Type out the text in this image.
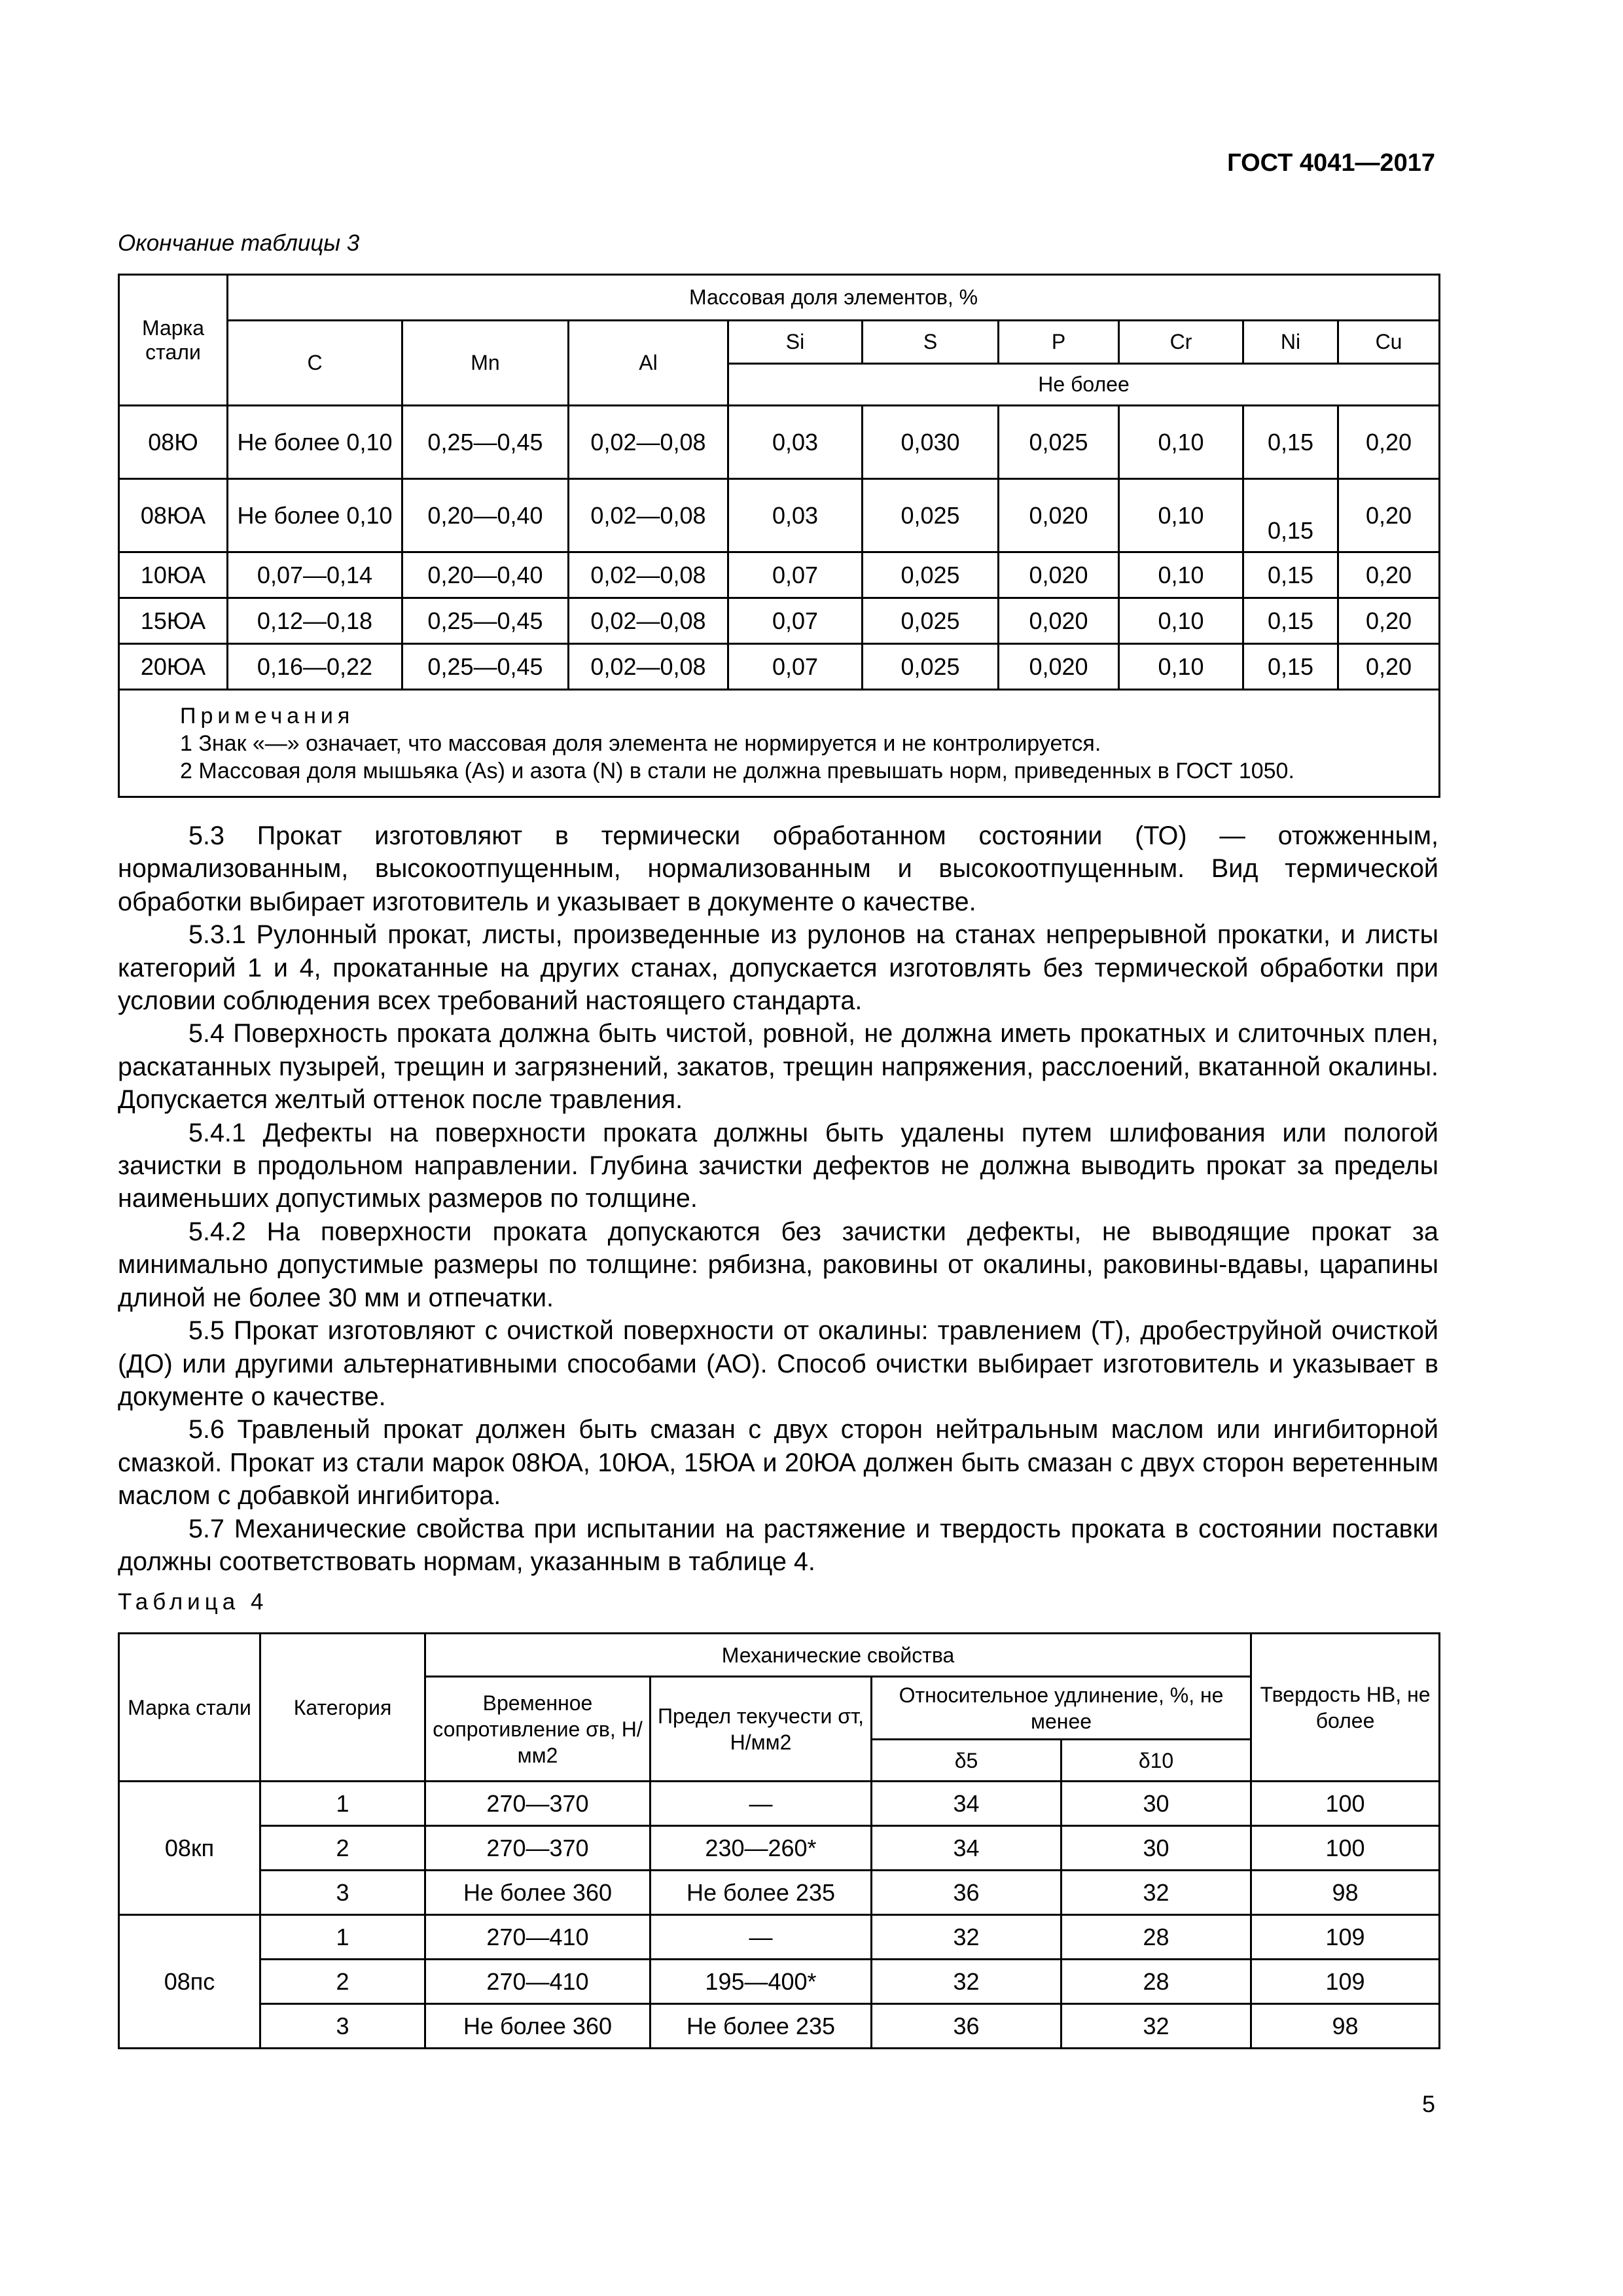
ГОСТ 4041—2017
Окончание таблицы 3
Марка стали	Массовая доля элементов, %								
	C	Mn	Al	Si	S	P	Cr	Ni	Cu
				Не более					
08Ю	Не более 0,10	0,25—0,45	0,02—0,08	0,03	0,030	0,025	0,10	0,15	0,20
08ЮА	Не более 0,10	0,20—0,40	0,02—0,08	0,03	0,025	0,020	0,10	0,15	0,20
10ЮА	0,07—0,14	0,20—0,40	0,02—0,08	0,07	0,025	0,020	0,10	0,15	0,20
15ЮА	0,12—0,18	0,25—0,45	0,02—0,08	0,07	0,025	0,020	0,10	0,15	0,20
20ЮА	0,16—0,22	0,25—0,45	0,02—0,08	0,07	0,025	0,020	0,10	0,15	0,20

Примечания
1 Знак «—» означает, что массовая доля элемента не нормируется и не контролируется.
2 Массовая доля мышьяка (As) и азота (N) в стали не должна превышать норм, приведенных в ГОСТ 1050.									

5.3 Прокат изготовляют в термически обработанном состоянии (ТО) — отожженным, нормализованным, высокоотпущенным, нормализованным и высокоотпущенным. Вид термической обработки выбирает изготовитель и указывает в документе о качестве.

5.3.1 Рулонный прокат, листы, произведенные из рулонов на станах непрерывной прокатки, и листы категорий 1 и 4, прокатанные на других станах, допускается изготовлять без термической обработки при условии соблюдения всех требований настоящего стандарта.

5.4 Поверхность проката должна быть чистой, ровной, не должна иметь прокатных и слиточных плен, раскатанных пузырей, трещин и загрязнений, закатов, трещин напряжения, расслоений, вкатанной окалины. Допускается желтый оттенок после травления.

5.4.1 Дефекты на поверхности проката должны быть удалены путем шлифования или пологой зачистки в продольном направлении. Глубина зачистки дефектов не должна выводить прокат за пределы наименьших допустимых размеров по толщине.

5.4.2 На поверхности проката допускаются без зачистки дефекты, не выводящие прокат за минимально допустимые размеры по толщине: рябизна, раковины от окалины, раковины-вдавы, царапины длиной не более 30 мм и отпечатки.

5.5 Прокат изготовляют с очисткой поверхности от окалины: травлением (Т), дробеструйной очисткой (ДО) или другими альтернативными способами (АО). Способ очистки выбирает изготовитель и указывает в документе о качестве.

5.6 Травленый прокат должен быть смазан с двух сторон нейтральным маслом или ингибиторной смазкой. Прокат из стали марок 08ЮА, 10ЮА, 15ЮА и 20ЮА должен быть смазан с двух сторон веретенным маслом с добавкой ингибитора.

5.7 Механические свойства при испытании на растяжение и твердость проката в состоянии поставки должны соответствовать нормам, указанным в таблице 4.

Таблица 4
Марка стали	Категория	Механические свойства				Твердость НВ, не более
		Временное сопротивление σв, Н/мм2	Предел текучести σт, Н/мм2	Относительное удлинение, %, не менее		
				δ5	δ10	
08кп	1	270—370	—	34	30	100
	2	270—370	230—260*	34	30	100
	3	Не более 360	Не более 235	36	32	98
08пс	1	270—410	—	32	28	109
	2	270—410	195—400*	32	28	109
	3	Не более 360	Не более 235	36	32	98
5
